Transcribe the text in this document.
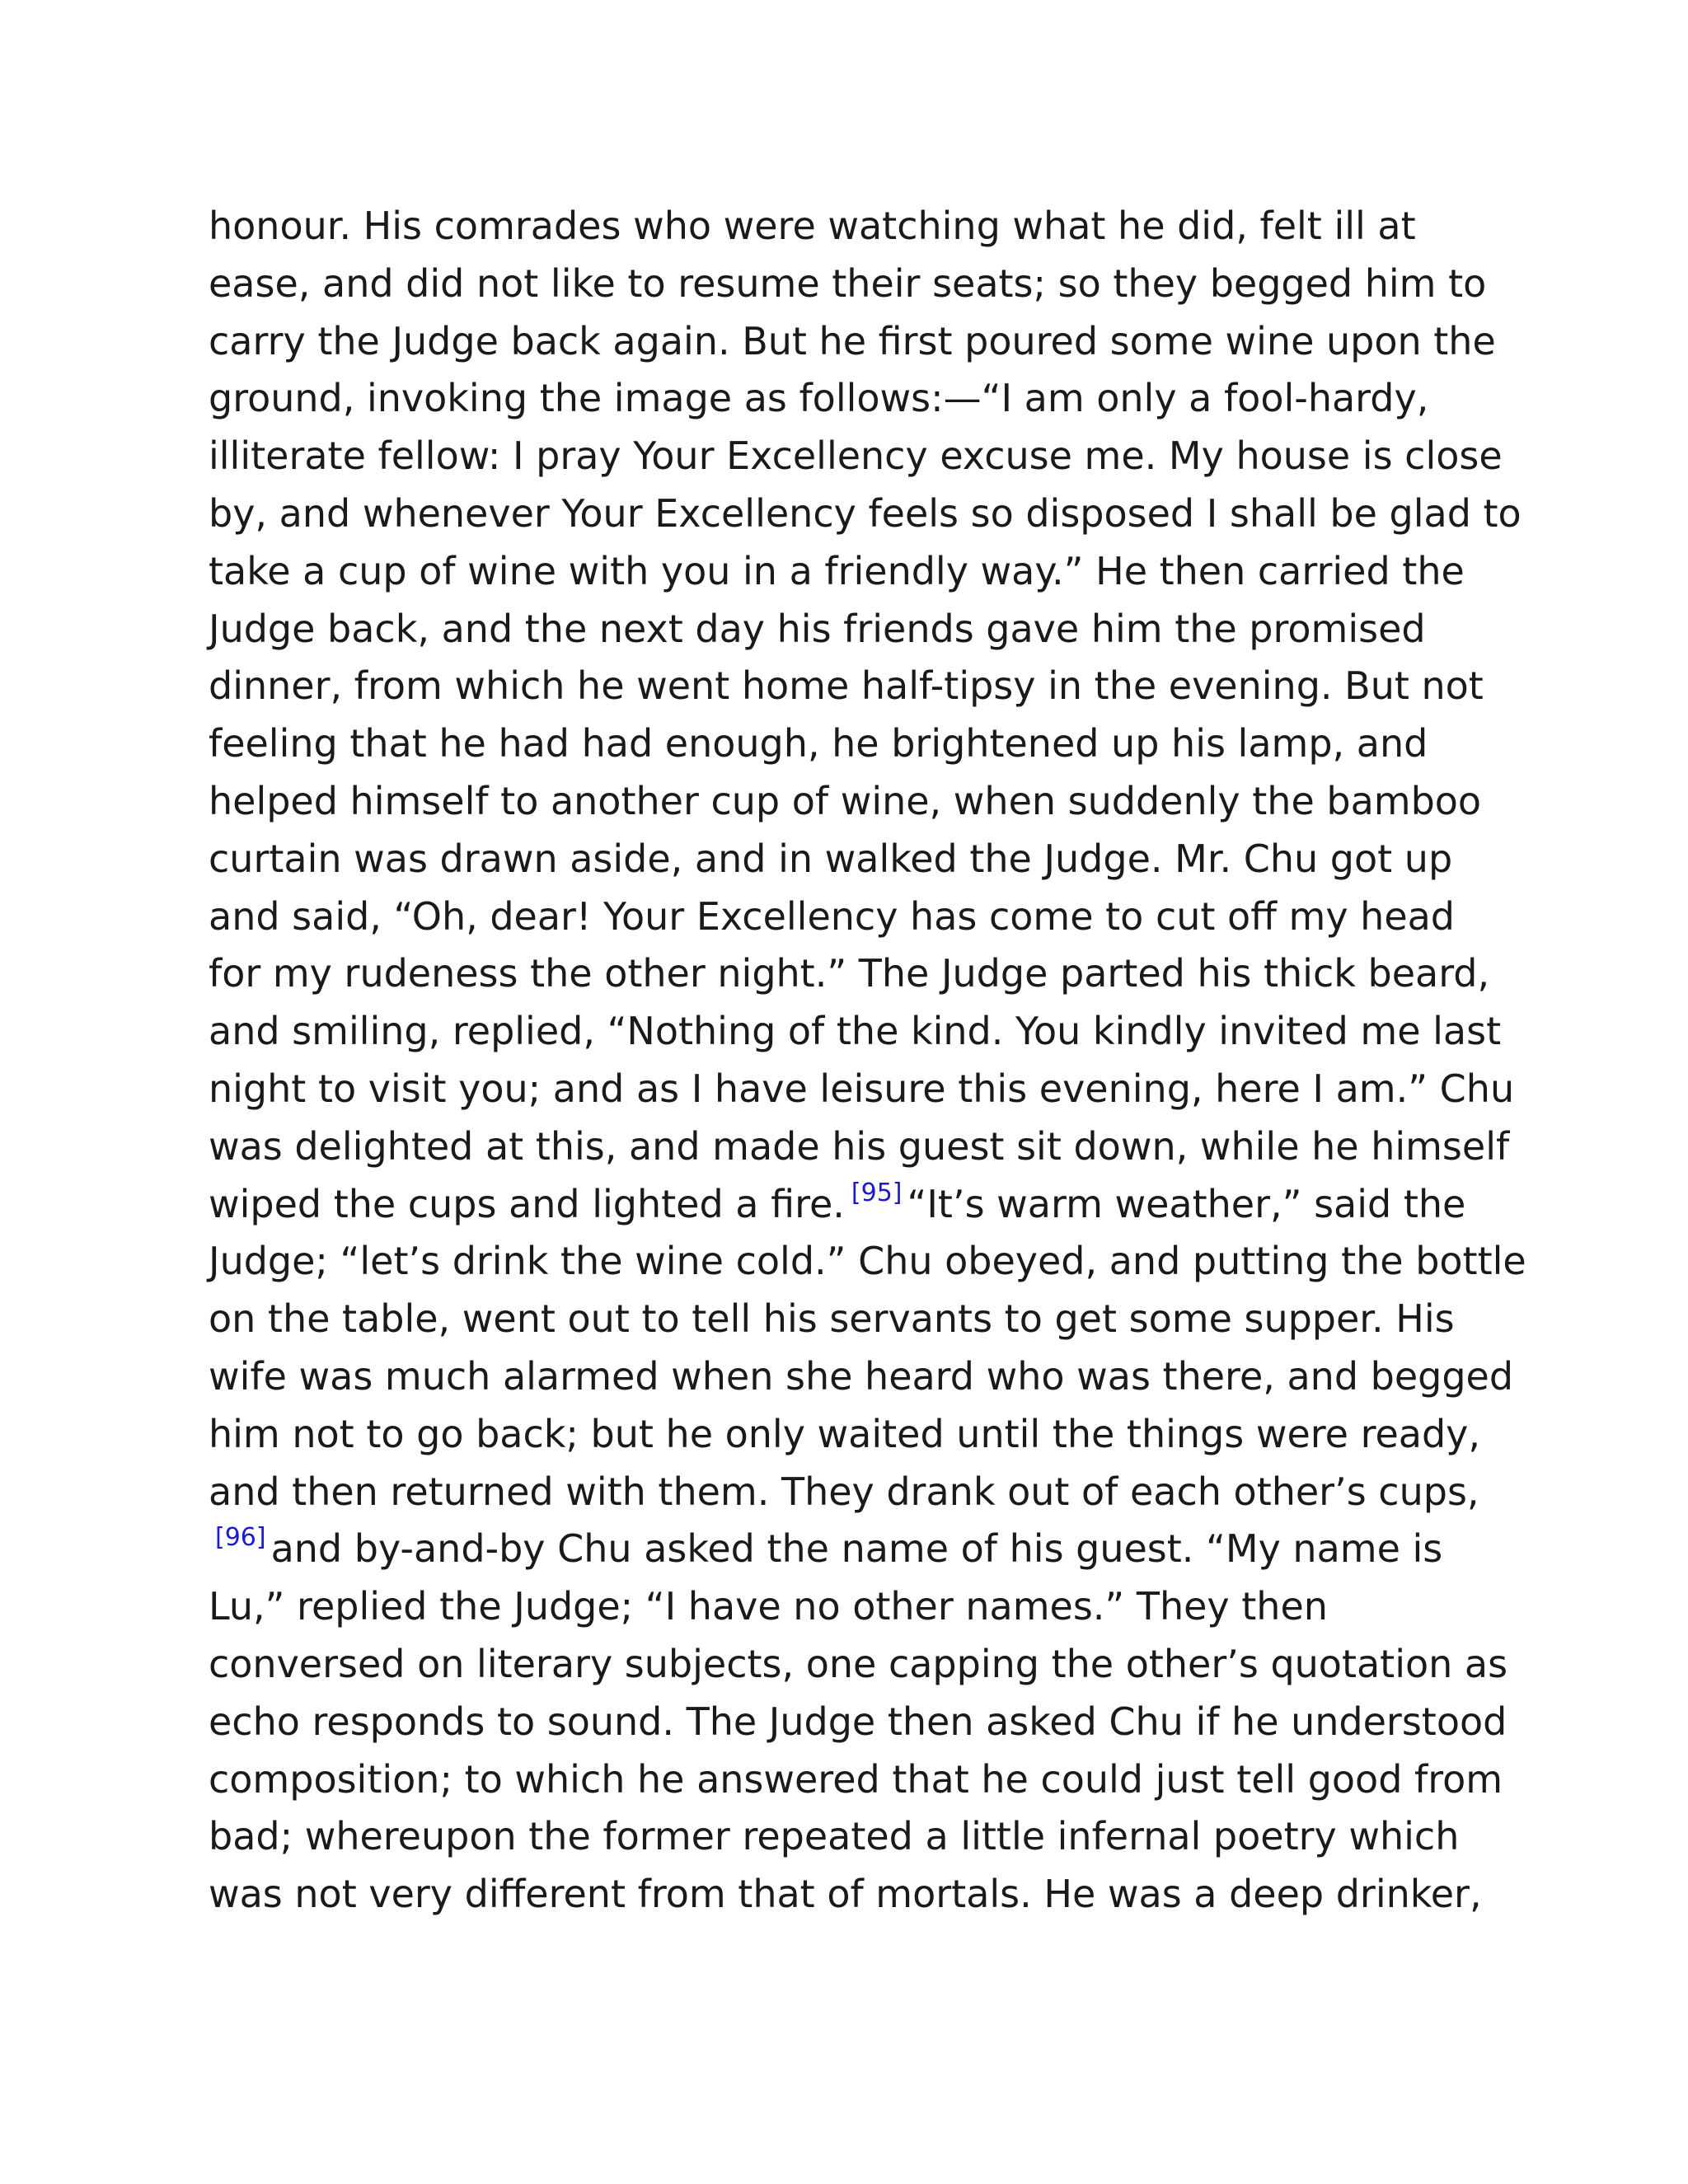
honour. His comrades who were watching what he did, felt ill at
ease, and did not like to resume their seats; so they begged him to
carry the Judge back again. But he first poured some wine upon the
ground, invoking the image as follows:—“I am only a fool-hardy,
illiterate fellow: I pray Your Excellency excuse me. My house is close
by, and whenever Your Excellency feels so disposed I shall be glad to
take a cup of wine with you in a friendly way.” He then carried the
Judge back, and the next day his friends gave him the promised
dinner, from which he went home half-tipsy in the evening. But not
feeling that he had had enough, he brightened up his lamp, and
helped himself to another cup of wine, when suddenly the bamboo
curtain was drawn aside, and in walked the Judge. Mr. Chu got up
and said, “Oh, dear! Your Excellency has come to cut off my head
for my rudeness the other night.” The Judge parted his thick beard,
and smiling, replied, “Nothing of the kind. You kindly invited me last
night to visit you; and as I have leisure this evening, here I am.” Chu
was delighted at this, and made his guest sit down, while he himself
wiped the cups and lighted a fire. [95] “It’s warm weather,” said the
Judge; “let’s drink the wine cold.” Chu obeyed, and putting the bottle
on the table, went out to tell his servants to get some supper. His
wife was much alarmed when she heard who was there, and begged
him not to go back; but he only waited until the things were ready,
and then returned with them. They drank out of each other’s cups,
[96] and by-and-by Chu asked the name of his guest. “My name is
Lu,” replied the Judge; “I have no other names.” They then
conversed on literary subjects, one capping the other’s quotation as
echo responds to sound. The Judge then asked Chu if he understood
composition; to which he answered that he could just tell good from
bad; whereupon the former repeated a little infernal poetry which
was not very different from that of mortals. He was a deep drinker,
